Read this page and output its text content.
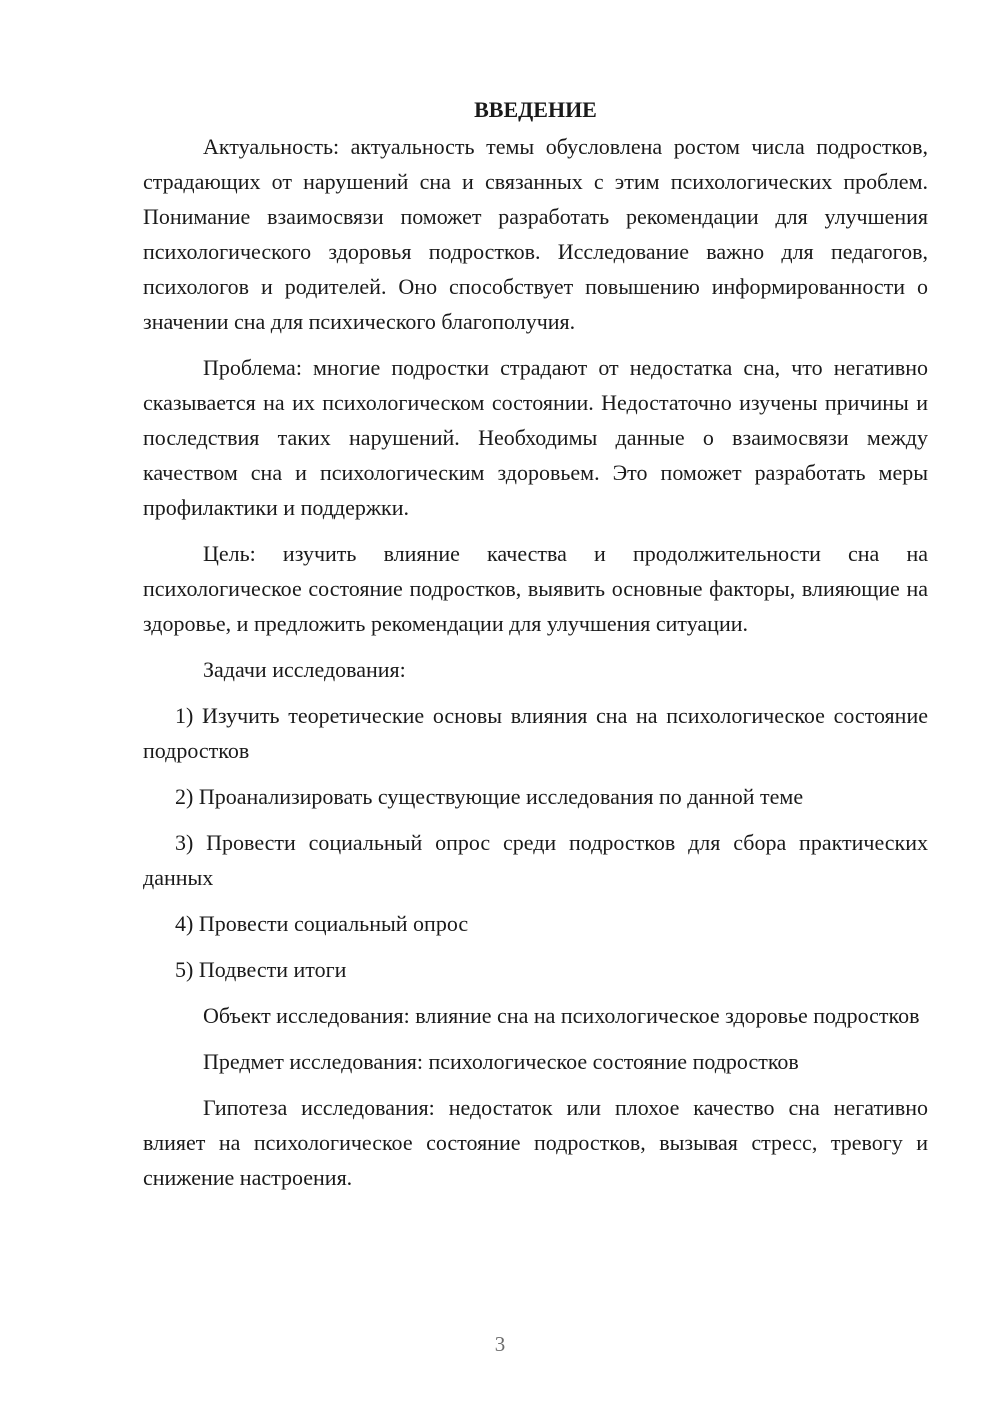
ВВЕДЕНИЕ

Актуальность: актуальность темы обусловлена ростом числа подростков, страдающих от нарушений сна и связанных с этим психологических проблем. Понимание взаимосвязи поможет разработать рекомендации для улучшения психологического здоровья подростков. Исследование важно для педагогов, психологов и родителей. Оно способствует повышению информированности о значении сна для психического благополучия.

Проблема: многие подростки страдают от недостатка сна, что негативно сказывается на их психологическом состоянии. Недостаточно изучены причины и последствия таких нарушений. Необходимы данные о взаимосвязи между качеством сна и психологическим здоровьем. Это поможет разработать меры профилактики и поддержки.

Цель: изучить влияние качества и продолжительности сна на психологическое состояние подростков, выявить основные факторы, влияющие на здоровье, и предложить рекомендации для улучшения ситуации.

Задачи исследования:

1) Изучить теоретические основы влияния сна на психологическое состояние подростков

2) Проанализировать существующие исследования по данной теме

3) Провести социальный опрос среди подростков для сбора практических данных

4) Провести социальный опрос

5) Подвести итоги

Объект исследования: влияние сна на психологическое здоровье подростков

Предмет исследования: психологическое состояние подростков

Гипотеза исследования: недостаток или плохое качество сна негативно влияет на психологическое состояние подростков, вызывая стресс, тревогу и снижение настроения.

3
